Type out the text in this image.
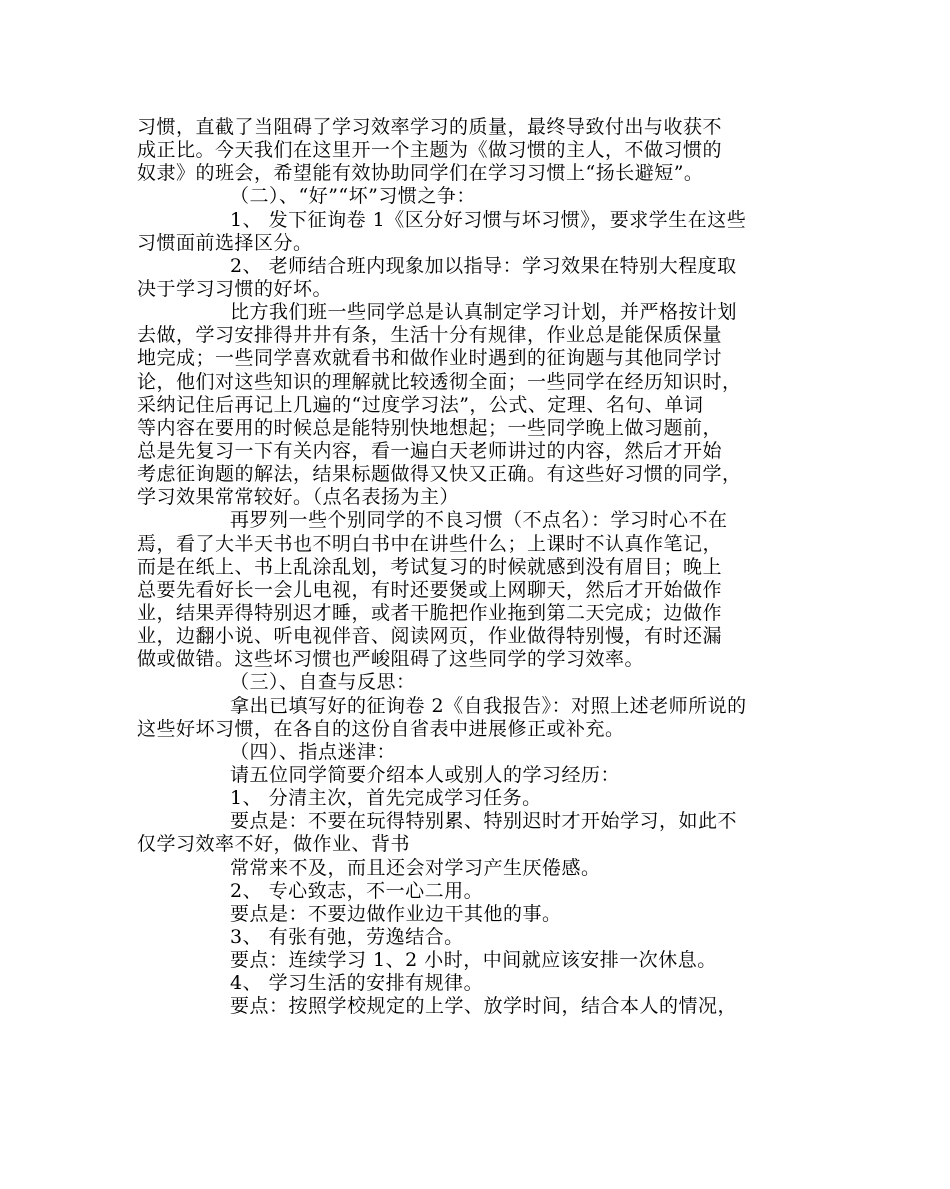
习惯，直截了当阻碍了学习效率学习的质量，最终导致付出与收获不
成正比。今天我们在这里开一个主题为《做习惯的主人，不做习惯的
奴隶》的班会，希望能有效协助同学们在学习习惯上“扬长避短”。
（二）、“好”“坏”习惯之争：
1、 发下征询卷 1《区分好习惯与坏习惯》，要求学生在这些
习惯面前选择区分。
2、 老师结合班内现象加以指导：学习效果在特别大程度取
决于学习习惯的好坏。
比方我们班一些同学总是认真制定学习计划，并严格按计划
去做，学习安排得井井有条，生活十分有规律，作业总是能保质保量
地完成；一些同学喜欢就看书和做作业时遇到的征询题与其他同学讨
论，他们对这些知识的理解就比较透彻全面；一些同学在经历知识时，
采纳记住后再记上几遍的“过度学习法”，公式、定理、名句、单词
等内容在要用的时候总是能特别快地想起；一些同学晚上做习题前，
总是先复习一下有关内容，看一遍白天老师讲过的内容，然后才开始
考虑征询题的解法，结果标题做得又快又正确。有这些好习惯的同学，
学习效果常常较好。（点名表扬为主）
再罗列一些个别同学的不良习惯（不点名）：学习时心不在
焉，看了大半天书也不明白书中在讲些什么；上课时不认真作笔记，
而是在纸上、书上乱涂乱划，考试复习的时候就感到没有眉目；晚上
总要先看好长一会儿电视，有时还要煲或上网聊天，然后才开始做作
业，结果弄得特别迟才睡，或者干脆把作业拖到第二天完成；边做作
业，边翻小说、听电视伴音、阅读网页，作业做得特别慢，有时还漏
做或做错。这些坏习惯也严峻阻碍了这些同学的学习效率。
（三）、自查与反思：
拿出已填写好的征询卷 2《自我报告》：对照上述老师所说的
这些好坏习惯，在各自的这份自省表中进展修正或补充。
（四）、指点迷津：
请五位同学简要介绍本人或别人的学习经历：
1、 分清主次，首先完成学习任务。
要点是：不要在玩得特别累、特别迟时才开始学习，如此不
仅学习效率不好，做作业、背书
常常来不及，而且还会对学习产生厌倦感。
2、 专心致志，不一心二用。
要点是：不要边做作业边干其他的事。
3、 有张有弛，劳逸结合。
要点：连续学习 1、2 小时，中间就应该安排一次休息。
4、 学习生活的安排有规律。
要点：按照学校规定的上学、放学时间，结合本人的情况，
